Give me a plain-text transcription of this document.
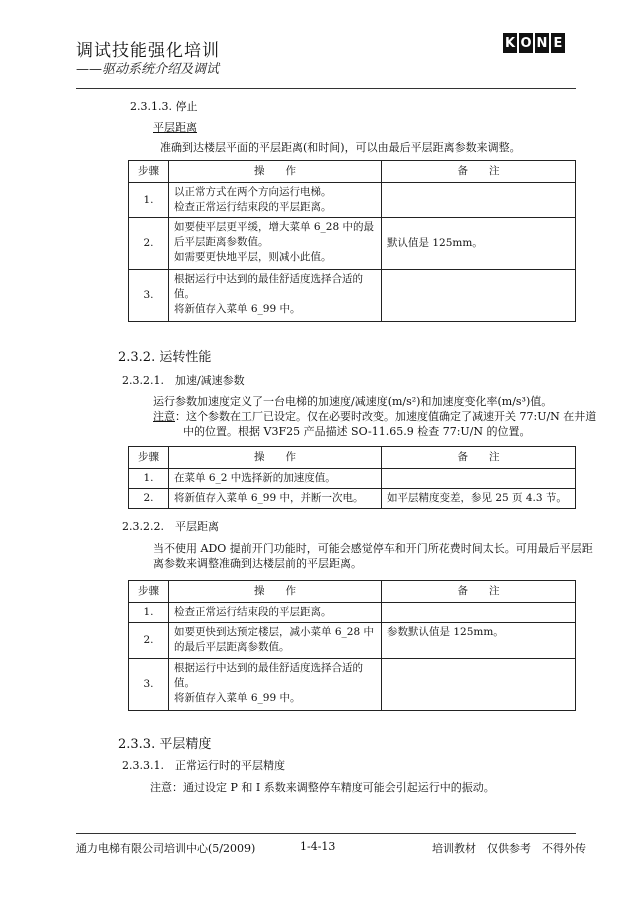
调试技能强化培训
——驱动系统介绍及调试
K O N E
2.3.1.3. 停止
平层距离
准确到达楼层平面的平层距离(和时间)，可以由最后平层距离参数来调整。
步骤	操　　作	备　　注
1.	以正常方式在两个方向运行电梯。
检查正常运行结束段的平层距离。	

2.	如要使平层更平缓，增大菜单 6_28 中的最
后平层距离参数值。
如需要更快地平层，则减小此值。	默认值是 125mm。
3.	根据运行中达到的最佳舒适度选择合适的
值。
将新值存入菜单 6_99 中。	

2.3.2. 运转性能
2.3.2.1.　加速/减速参数
运行参数加速度定义了一台电梯的加速度/减速度(m/s²)和加速度变化率(m/s³)值。
注意：这个参数在工厂已设定。仅在必要时改变。加速度值确定了减速开关 77:U/N 在井道
中的位置。根据 V3F25 产品描述 SO-11.65.9 检查 77:U/N 的位置。
步骤	操　　作	备　　注
1.	在菜单 6_2 中选择新的加速度值。	
2.	将新值存入菜单 6_99 中，并断一次电。	如平层精度变差，参见 25 页 4.3 节。
2.3.2.2.　平层距离
当不使用 ADO 提前开门功能时，可能会感觉停车和开门所花费时间太长。可用最后平层距
离参数来调整准确到达楼层前的平层距离。
步骤	操　　作	备　　注
1.	检查正常运行结束段的平层距离。	

2.	如要更快到达预定楼层，减小菜单 6_28 中
的最后平层距离参数值。	参数默认值是 125mm。
3.	根据运行中达到的最佳舒适度选择合适的
值。
将新值存入菜单 6_99 中。	

2.3.3. 平层精度
2.3.3.1.　正常运行时的平层精度
注意：通过设定 P 和 I 系数来调整停车精度可能会引起运行中的振动。
通力电梯有限公司培训中心(5/2009)	1-4-13	培训教材　仅供参考　不得外传
